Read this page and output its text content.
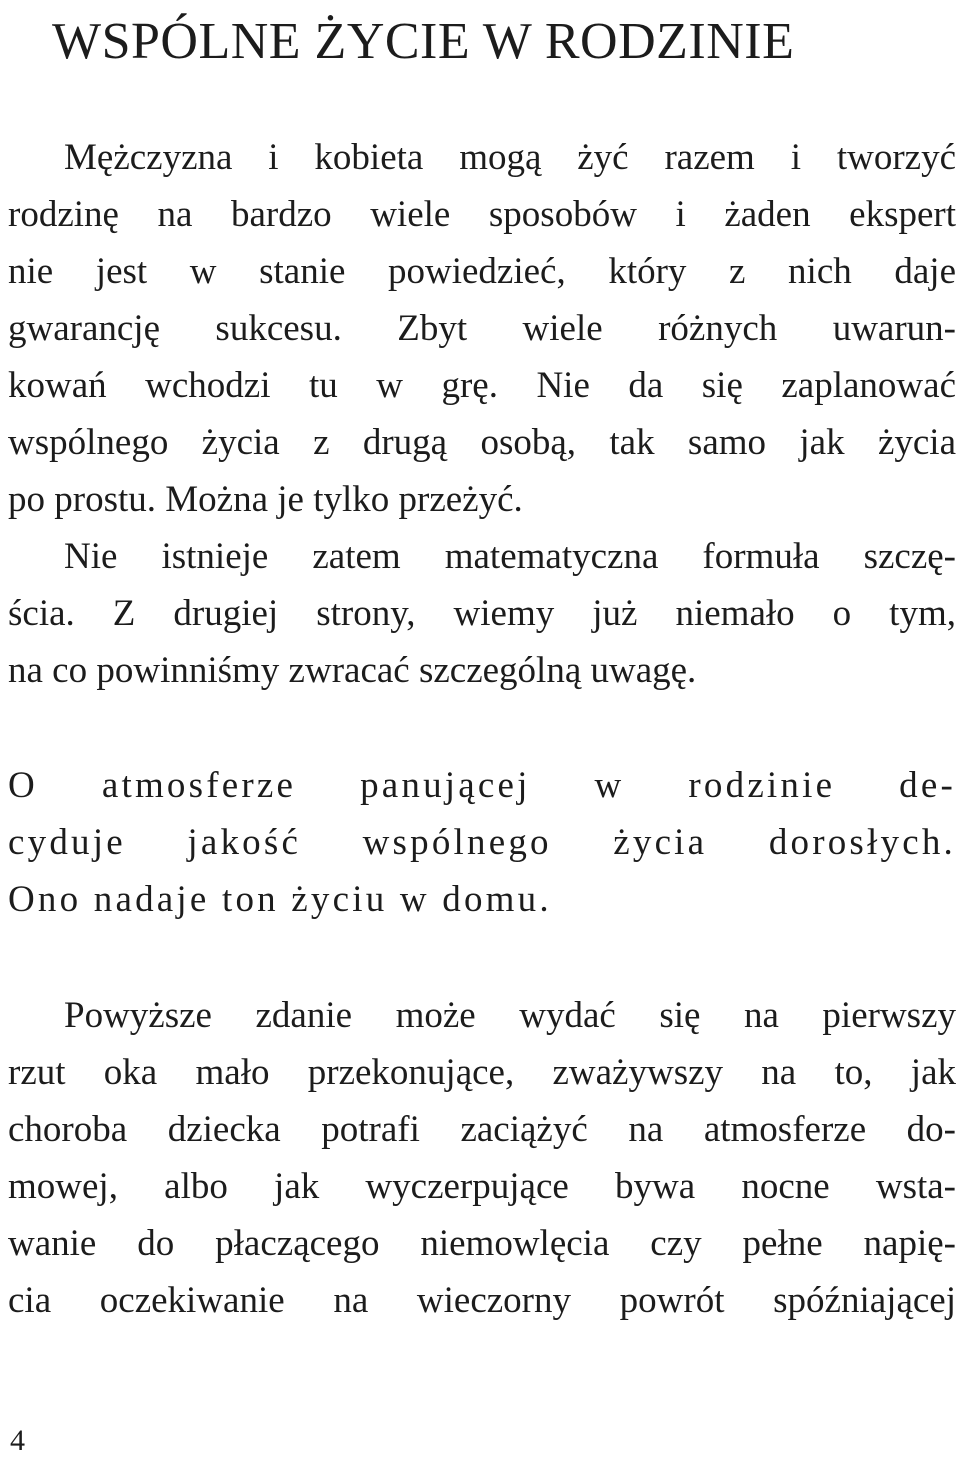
WSPÓLNE ŻYCIE W RODZINIE
Mężczyzna i kobieta mogą żyć razem i tworzyć
rodzinę na bardzo wiele sposobów i żaden ekspert
nie jest w stanie powiedzieć, który z nich daje
gwarancję sukcesu. Zbyt wiele różnych uwarun-
kowań wchodzi tu w grę. Nie da się zaplanować
wspólnego życia z drugą osobą, tak samo jak życia
po prostu. Można je tylko przeżyć.
Nie istnieje zatem matematyczna formuła szczę-
ścia. Z drugiej strony, wiemy już niemało o tym,
na co powinniśmy zwracać szczególną uwagę.
O atmosferze panującej w rodzinie de-
cyduje jakość wspólnego życia dorosłych.
Ono nadaje ton życiu w domu.
Powyższe zdanie może wydać się na pierwszy
rzut oka mało przekonujące, zważywszy na to, jak
choroba dziecka potrafi zaciążyć na atmosferze do-
mowej, albo jak wyczerpujące bywa nocne wsta-
wanie do płaczącego niemowlęcia czy pełne napię-
cia oczekiwanie na wieczorny powrót spóźniającej
4
